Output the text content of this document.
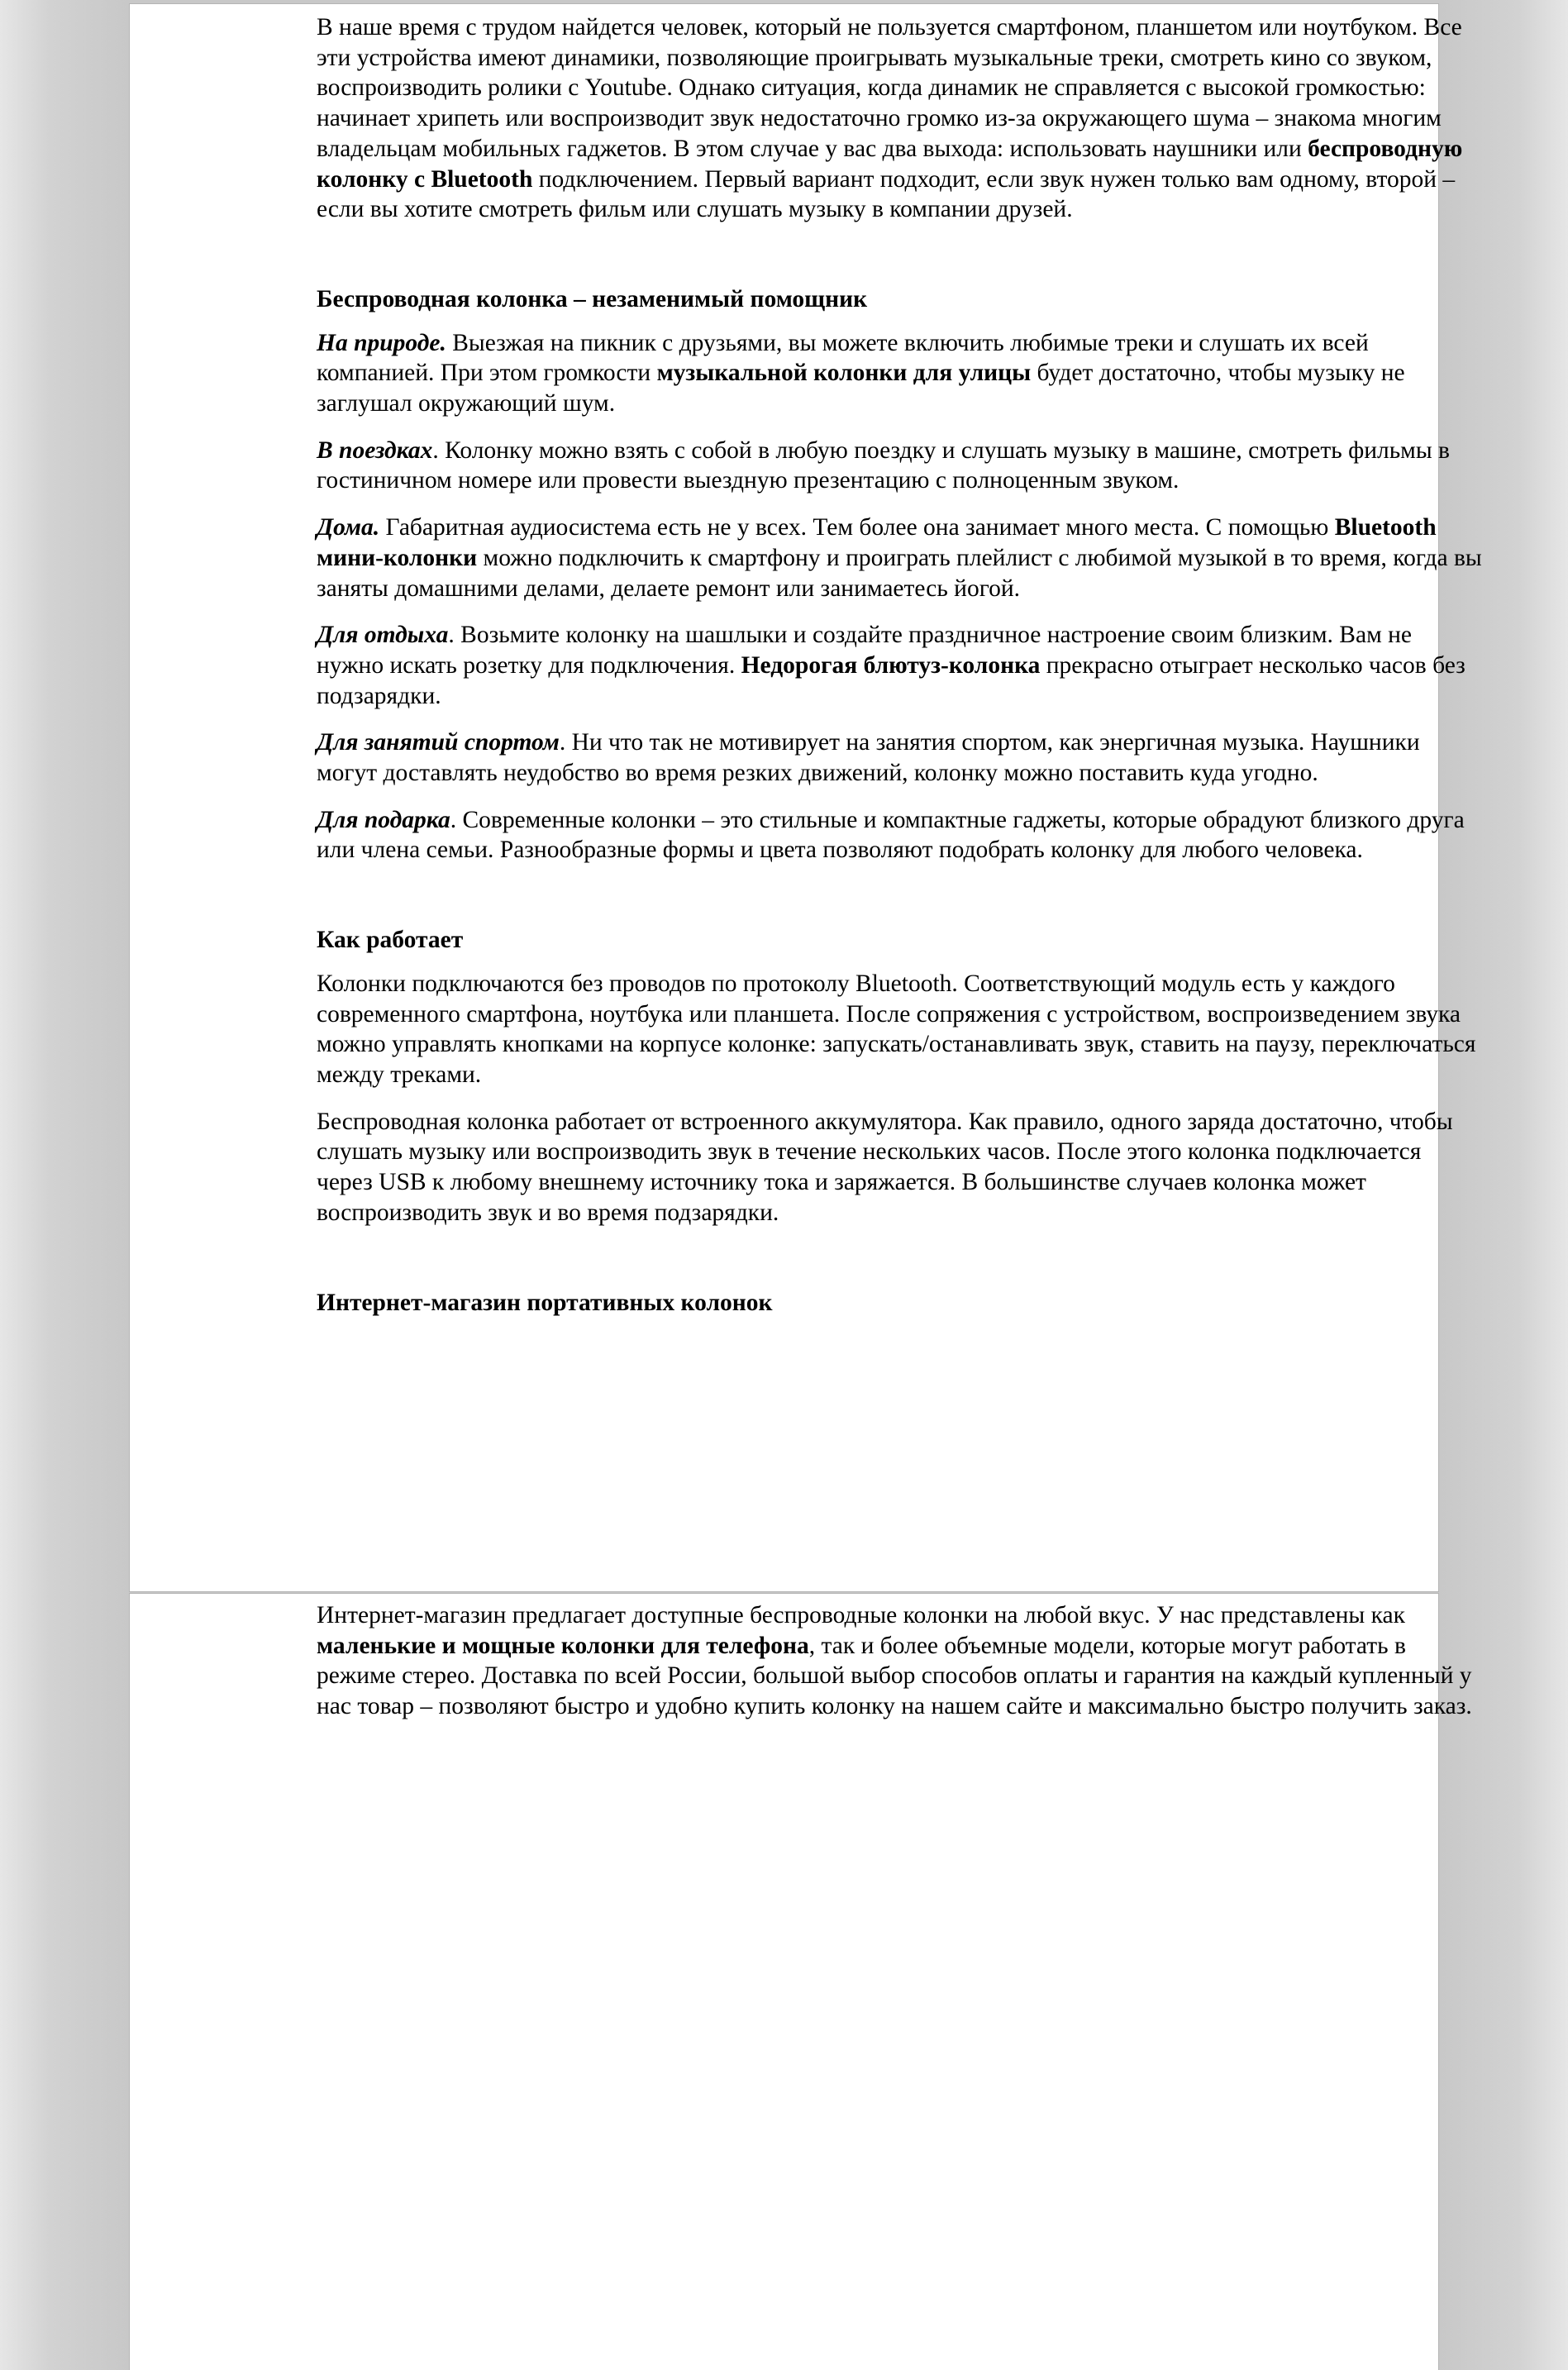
В наше время с трудом найдется человек, который не пользуется смартфоном, планшетом или ноутбуком. Все эти устройства имеют динамики, позволяющие проигрывать музыкальные треки, смотреть кино со звуком, воспроизводить ролики с Youtube. Однако ситуация, когда динамик не справляется с высокой громкостью: начинает хрипеть или воспроизводит звук недостаточно громко из-за окружающего шума – знакома многим владельцам мобильных гаджетов. В этом случае у вас два выхода: использовать наушники или беспроводную колонку с Bluetooth подключением. Первый вариант подходит, если звук нужен только вам одному, второй – если вы хотите смотреть фильм или слушать музыку в компании друзей.

Беспроводная колонка – незаменимый помощник

На природе. Выезжая на пикник с друзьями, вы можете включить любимые треки и слушать их всей компанией. При этом громкости музыкальной колонки для улицы будет достаточно, чтобы музыку не заглушал окружающий шум.

В поездках. Колонку можно взять с собой в любую поездку и слушать музыку в машине, смотреть фильмы в гостиничном номере или провести выездную презентацию с полноценным звуком.

Дома. Габаритная аудиосистема есть не у всех. Тем более она занимает много места. С помощью Bluetooth мини-колонки можно подключить к смартфону и проиграть плейлист с любимой музыкой в то время, когда вы заняты домашними делами, делаете ремонт или занимаетесь йогой.

Для отдыха. Возьмите колонку на шашлыки и создайте праздничное настроение своим близким. Вам не нужно искать розетку для подключения. Недорогая блютуз-колонка прекрасно отыграет несколько часов без подзарядки.

Для занятий спортом. Ни что так не мотивирует на занятия спортом, как энергичная музыка. Наушники могут доставлять неудобство во время резких движений, колонку можно поставить куда угодно.

Для подарка. Современные колонки – это стильные и компактные гаджеты, которые обрадуют близкого друга или члена семьи. Разнообразные формы и цвета позволяют подобрать колонку для любого человека.

Как работает

Колонки подключаются без проводов по протоколу Bluetooth. Соответствующий модуль есть у каждого современного смартфона, ноутбука или планшета. После сопряжения с устройством, воспроизведением звука можно управлять кнопками на корпусе колонке: запускать/останавливать звук, ставить на паузу, переключаться между треками.

Беспроводная колонка работает от встроенного аккумулятора. Как правило, одного заряда достаточно, чтобы слушать музыку или воспроизводить звук в течение нескольких часов. После этого колонка подключается через USB к любому внешнему источнику тока и заряжается. В большинстве случаев колонка может воспроизводить звук и во время подзарядки.

Интернет-магазин портативных колонок

Интернет-магазин предлагает доступные беспроводные колонки на любой вкус. У нас представлены как маленькие и мощные колонки для телефона, так и более объемные модели, которые могут работать в режиме стерео. Доставка по всей России, большой выбор способов оплаты и гарантия на каждый купленный у нас товар – позволяют быстро и удобно купить колонку на нашем сайте и максимально быстро получить заказ.
